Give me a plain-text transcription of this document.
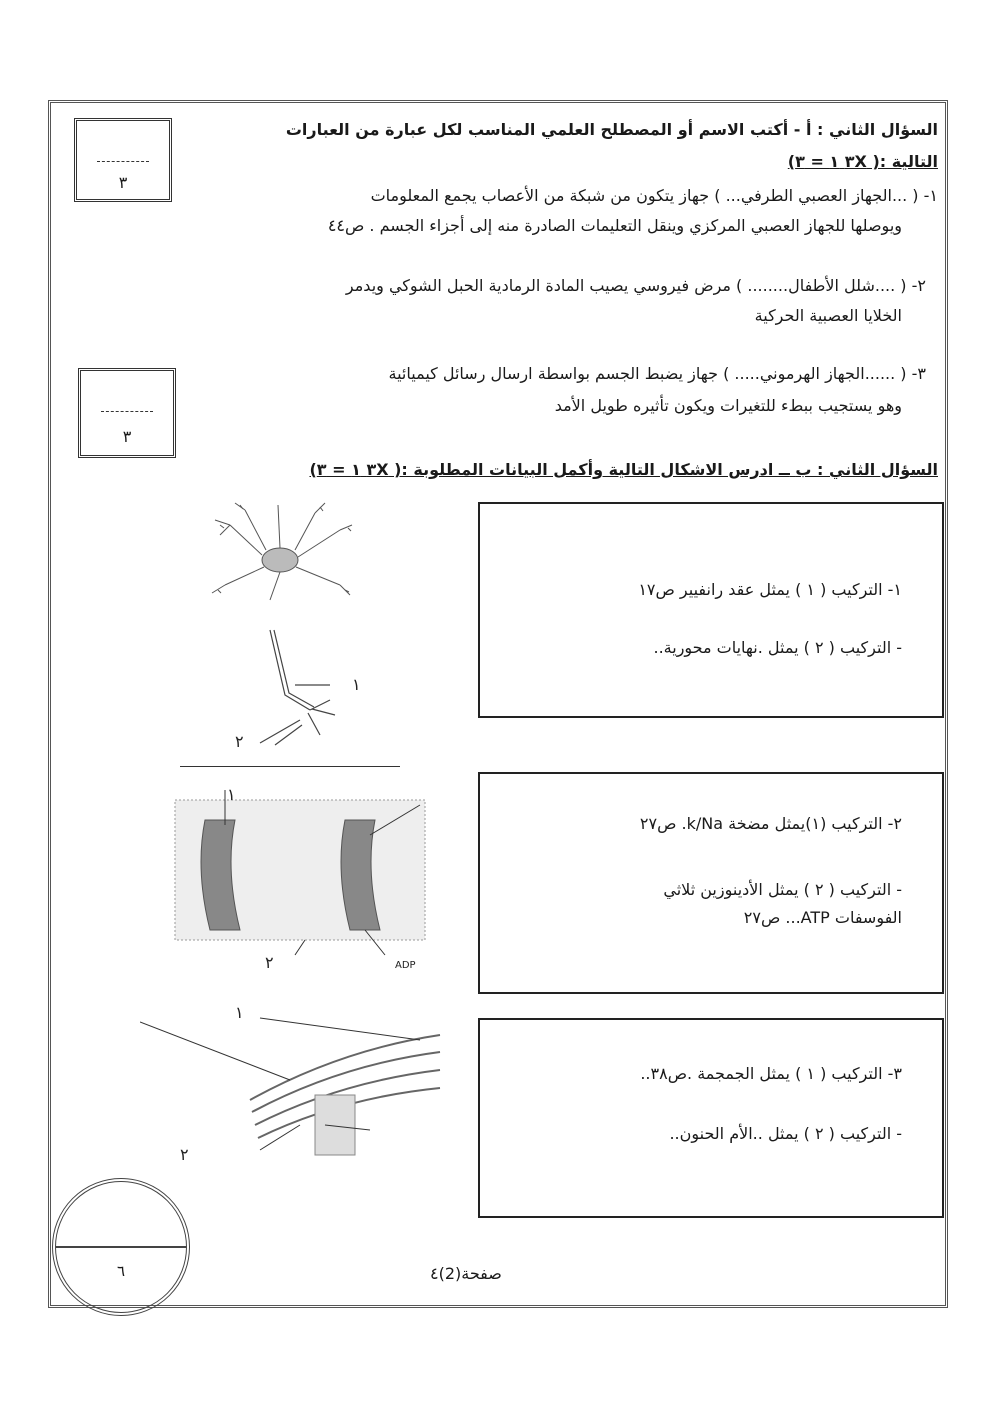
٣
السؤال الثاني : أ - أكتب الاسم أو المصطلح العلمي المناسب لكل عبارة من العبارات
التالية :( ٣X ١ = ٣)
١- ( ...الجهاز العصبي الطرفي... ) جهاز يتكون من شبكة من الأعصاب يجمع المعلومات
ويوصلها للجهاز العصبي المركزي وينقل التعليمات الصادرة منه إلى أجزاء الجسم . ص٤٤
٢- ( ....شلل الأطفال........ ) مرض فيروسي يصيب المادة الرمادية الحبل الشوكي ويدمر
الخلايا العصبية الحركية
٣
٣- ( ......الجهاز الهرموني..... ) جهاز يضبط الجسم بواسطة ارسال رسائل كيميائية
وهو يستجيب ببطء للتغيرات ويكون تأثيره طويل الأمد
السؤال الثاني : ب ــ ادرس الاشكال التالية وأكمل البيانات المطلوبة :( ٣X ١ = ٣)
١
٢
١- التركيب ( ١ ) يمثل عقد رانفيير ص١٧
- التركيب ( ٢ ) يمثل .نهايات محورية..
١
٢	ADP
٢- التركيب (١)يمثل مضخة k/Na. ص٢٧
- التركيب ( ٢ ) يمثل الأدينوزين ثلاثي
الفوسفات ATP... ص٢٧
١
٢
٣- التركيب ( ١ ) يمثل الجمجمة .ص٣٨..
- التركيب ( ٢ ) يمثل ..الأم الحنون..
٦	صفحة(2)٤
